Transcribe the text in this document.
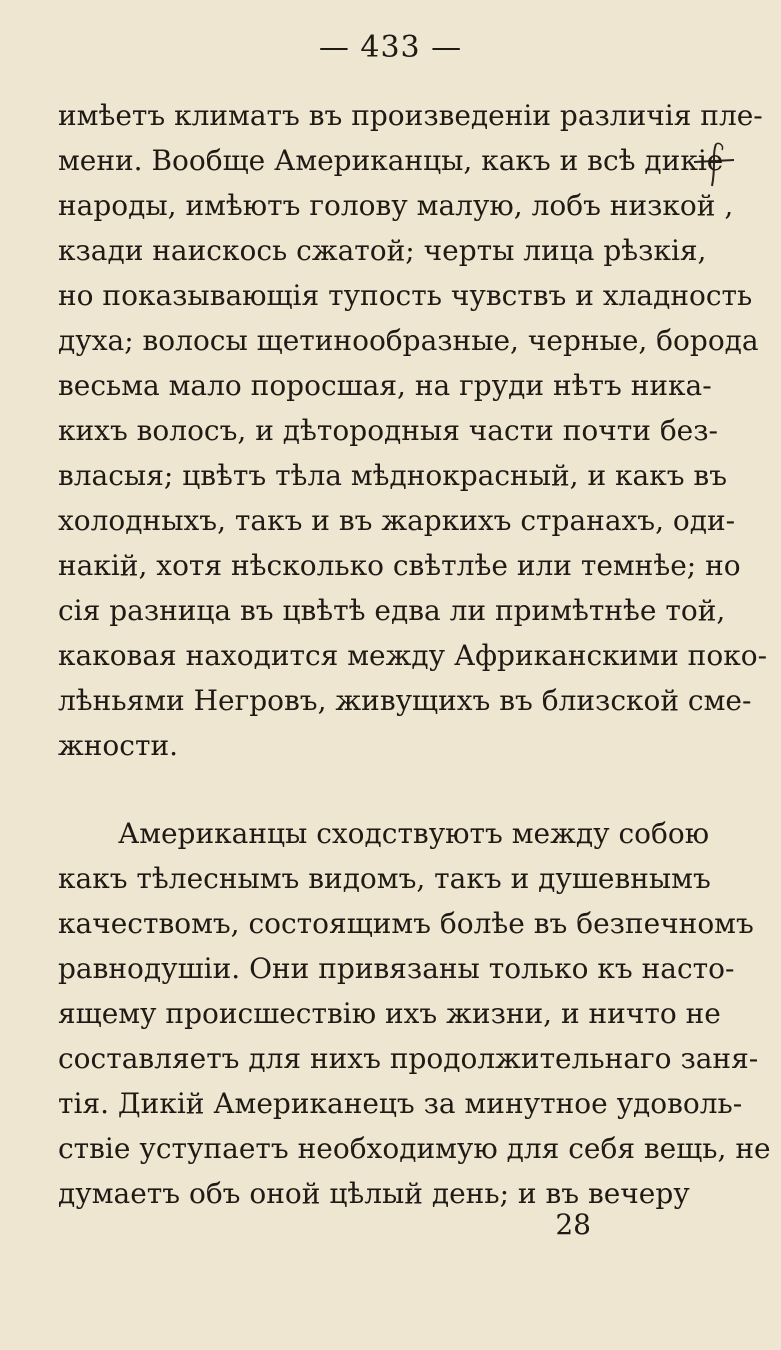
— 433 —
имѣетъ климатъ въ произведенiи различiя пле-
мени. Вообще Американцы, какъ и всѣ дикiе
народы, имѣютъ голову малую, лобъ низкой ,
кзади наискось сжатой; черты лица рѣзкiя,
но показывающiя тупость чувствъ и хладность
духа; волосы щетинообразные, черные, борода
весьма мало поросшая, на груди нѣтъ ника-
кихъ волосъ, и дѣтородныя части почти без-
власыя; цвѣтъ тѣла мѣднокрасный, и какъ въ
холодныхъ, такъ и въ жаркихъ странахъ, оди-
накiй, хотя нѣсколько свѣтлѣе или темнѣе; но
сiя разница въ цвѣтѣ едва ли примѣтнѣе той,
каковая находится между Африканскими поко-
лѣньями Негровъ, живущихъ въ близской сме-
жности.
Американцы сходствуютъ между собою
какъ тѣлеснымъ видомъ, такъ и душевнымъ
качествомъ, состоящимъ болѣе въ безпечномъ
равнодушiи. Они привязаны только къ насто-
ящему происшествiю ихъ жизни, и ничто не
составляетъ для нихъ продолжительнаго заня-
тiя. Дикiй Американецъ за минутное удоволь-
ствiе уступаетъ необходимую для себя вещь, не
думаетъ объ оной цѣлый день; и въ вечеру
28
